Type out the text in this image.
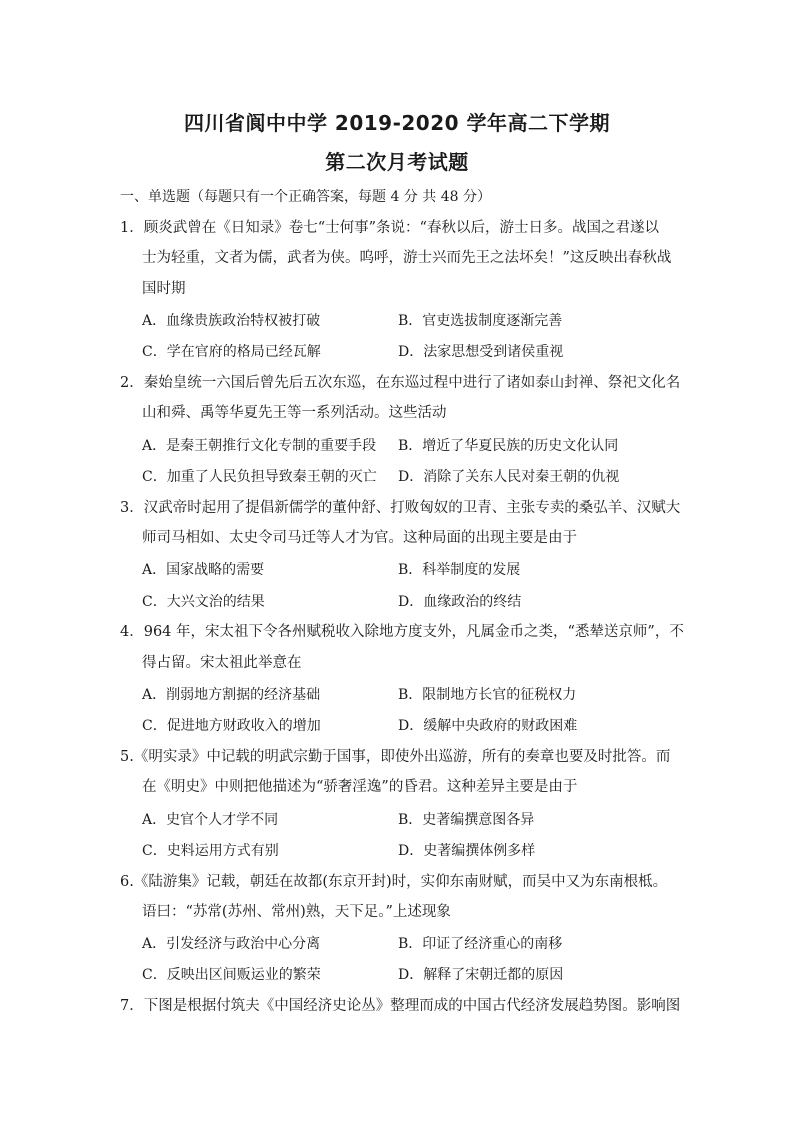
四川省阆中中学 2019-2020 学年高二下学期
第二次月考试题
一、单选题（每题只有一个正确答案，每题 4 分 共 48 分）
1．顾炎武曾在《日知录》卷七“士何事”条说：“春秋以后，游士日多。战国之君遂以
士为轻重，文者为儒，武者为侠。呜呼，游士兴而先王之法坏矣！”这反映出春秋战
国时期
A．血缘贵族政治特权被打破	B．官吏选拔制度逐渐完善
C．学在官府的格局已经瓦解	D．法家思想受到诸侯重视
2．秦始皇统一六国后曾先后五次东巡，在东巡过程中进行了诸如泰山封禅、祭祀文化名
山和舜、禹等华夏先王等一系列活动。这些活动
A．是秦王朝推行文化专制的重要手段 B．增近了华夏民族的历史文化认同
C．加重了人民负担导致秦王朝的灭亡 D．消除了关东人民对秦王朝的仇视
3．汉武帝时起用了提倡新儒学的董仲舒、打败匈奴的卫青、主张专卖的桑弘羊、汉赋大
师司马相如、太史令司马迁等人才为官。这种局面的出现主要是由于
A．国家战略的需要	B．科举制度的发展
C．大兴文治的结果	D．血缘政治的终结
4．964 年，宋太祖下令各州赋税收入除地方度支外，凡属金币之类，“悉辇送京师”，不
得占留。宋太祖此举意在
A．削弱地方割据的经济基础	B．限制地方长官的征税权力
C．促进地方财政收入的增加	D．缓解中央政府的财政困难
5.《明实录》中记载的明武宗勤于国事，即使外出巡游，所有的奏章也要及时批答。而
在《明史》中则把他描述为“骄奢淫逸”的昏君。这种差异主要是由于
A．史官个人才学不同	B．史著编撰意图各异
C．史料运用方式有别	D．史著编撰体例多样
6.《陆游集》记载，朝廷在故都(东京开封)时，实仰东南财赋，而吴中又为东南根柢。
语曰：“苏常(苏州、常州)熟，天下足。”上述现象
A．引发经济与政治中心分离	B．印证了经济重心的南移
C．反映出区间贩运业的繁荣	D．解释了宋朝迁都的原因
7．下图是根据付筑夫《中国经济史论丛》整理而成的中国古代经济发展趋势图。影响图
